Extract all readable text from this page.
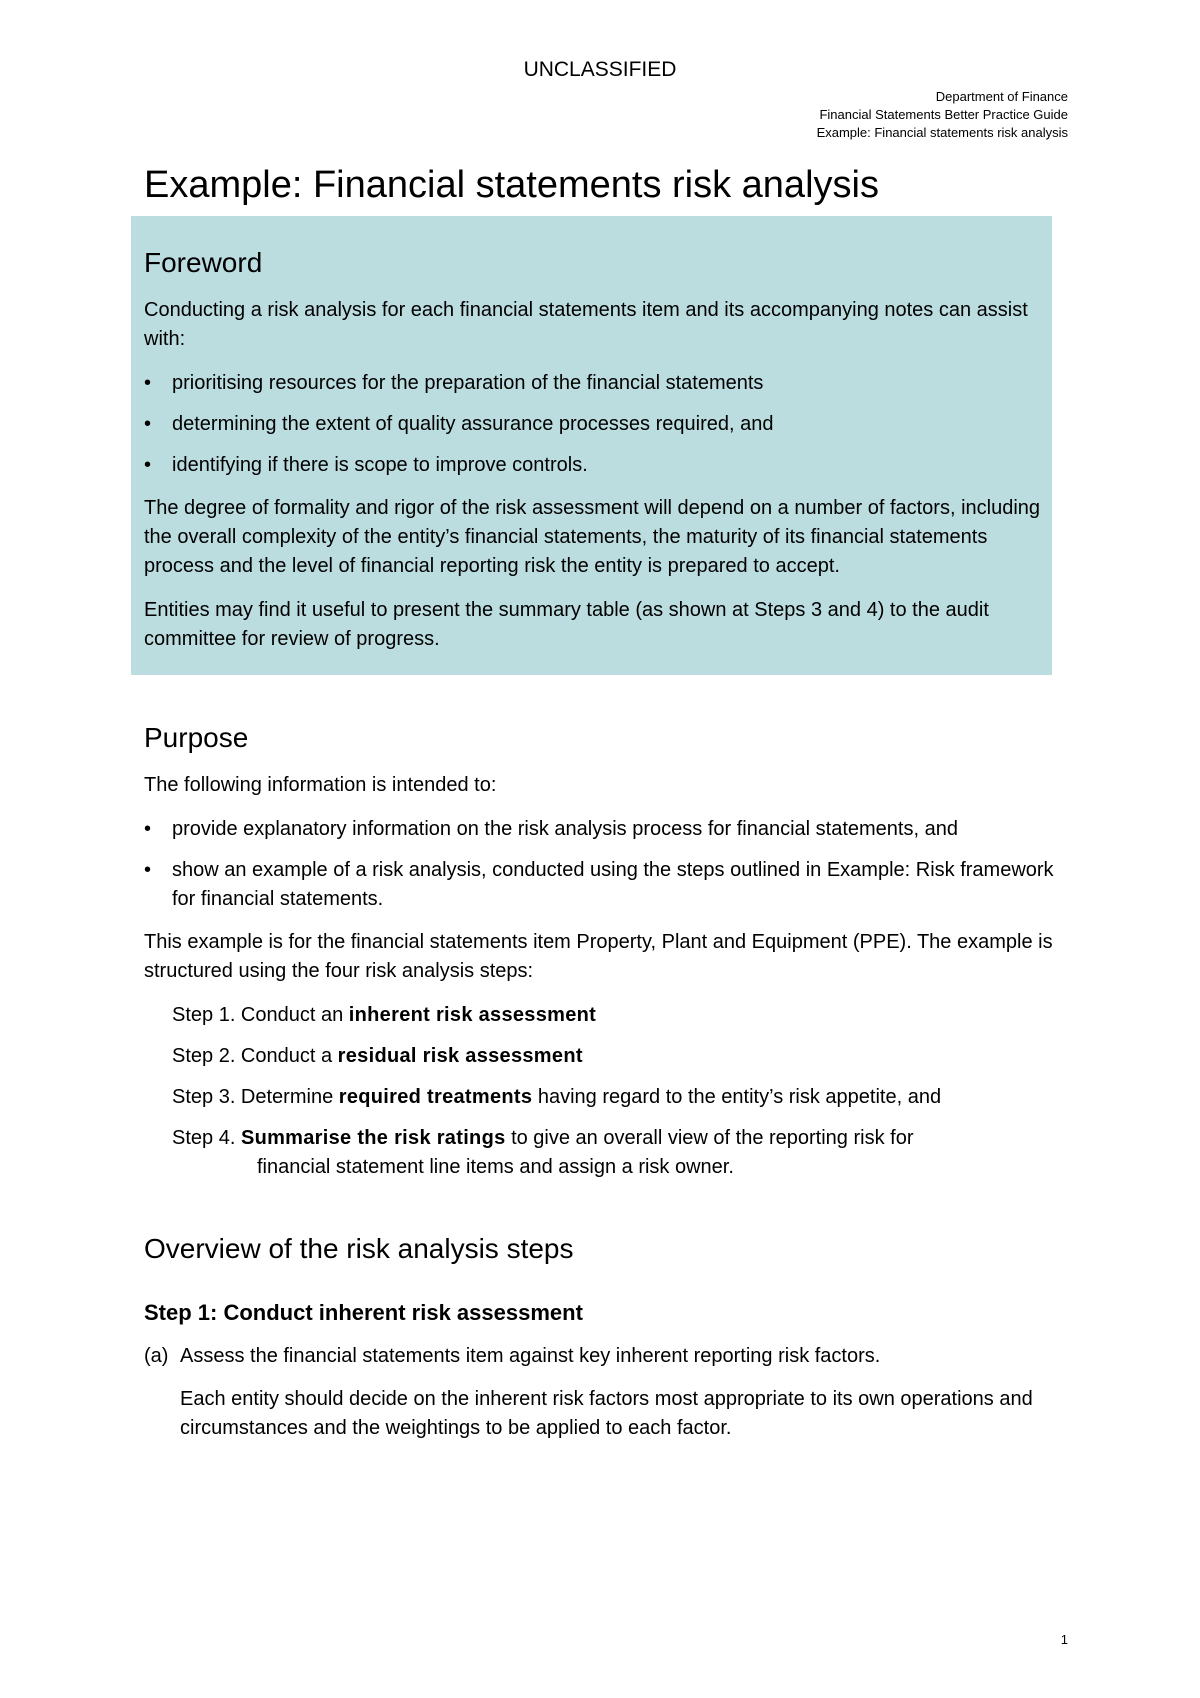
UNCLASSIFIED
Department of Finance
Financial Statements Better Practice Guide
Example: Financial statements risk analysis
Example: Financial statements risk analysis
Foreword

Conducting a risk analysis for each financial statements item and its accompanying notes can assist with:

• prioritising resources for the preparation of the financial statements
• determining the extent of quality assurance processes required, and
• identifying if there is scope to improve controls.

The degree of formality and rigor of the risk assessment will depend on a number of factors, including the overall complexity of the entity’s financial statements, the maturity of its financial statements process and the level of financial reporting risk the entity is prepared to accept.

Entities may find it useful to present the summary table (as shown at Steps 3 and 4) to the audit committee for review of progress.

Purpose

The following information is intended to:

• provide explanatory information on the risk analysis process for financial statements, and
• show an example of a risk analysis, conducted using the steps outlined in Example: Risk framework for financial statements.

This example is for the financial statements item Property, Plant and Equipment (PPE). The example is structured using the four risk analysis steps:

Step 1. Conduct an inherent risk assessment
Step 2. Conduct a residual risk assessment
Step 3. Determine required treatments having regard to the entity’s risk appetite, and
Step 4. Summarise the risk ratings to give an overall view of the reporting risk for
financial statement line items and assign a risk owner.
Overview of the risk analysis steps
Step 1: Conduct inherent risk assessment
(a) Assess the financial statements item against key inherent reporting risk factors.

Each entity should decide on the inherent risk factors most appropriate to its own operations and circumstances and the weightings to be applied to each factor.

1
